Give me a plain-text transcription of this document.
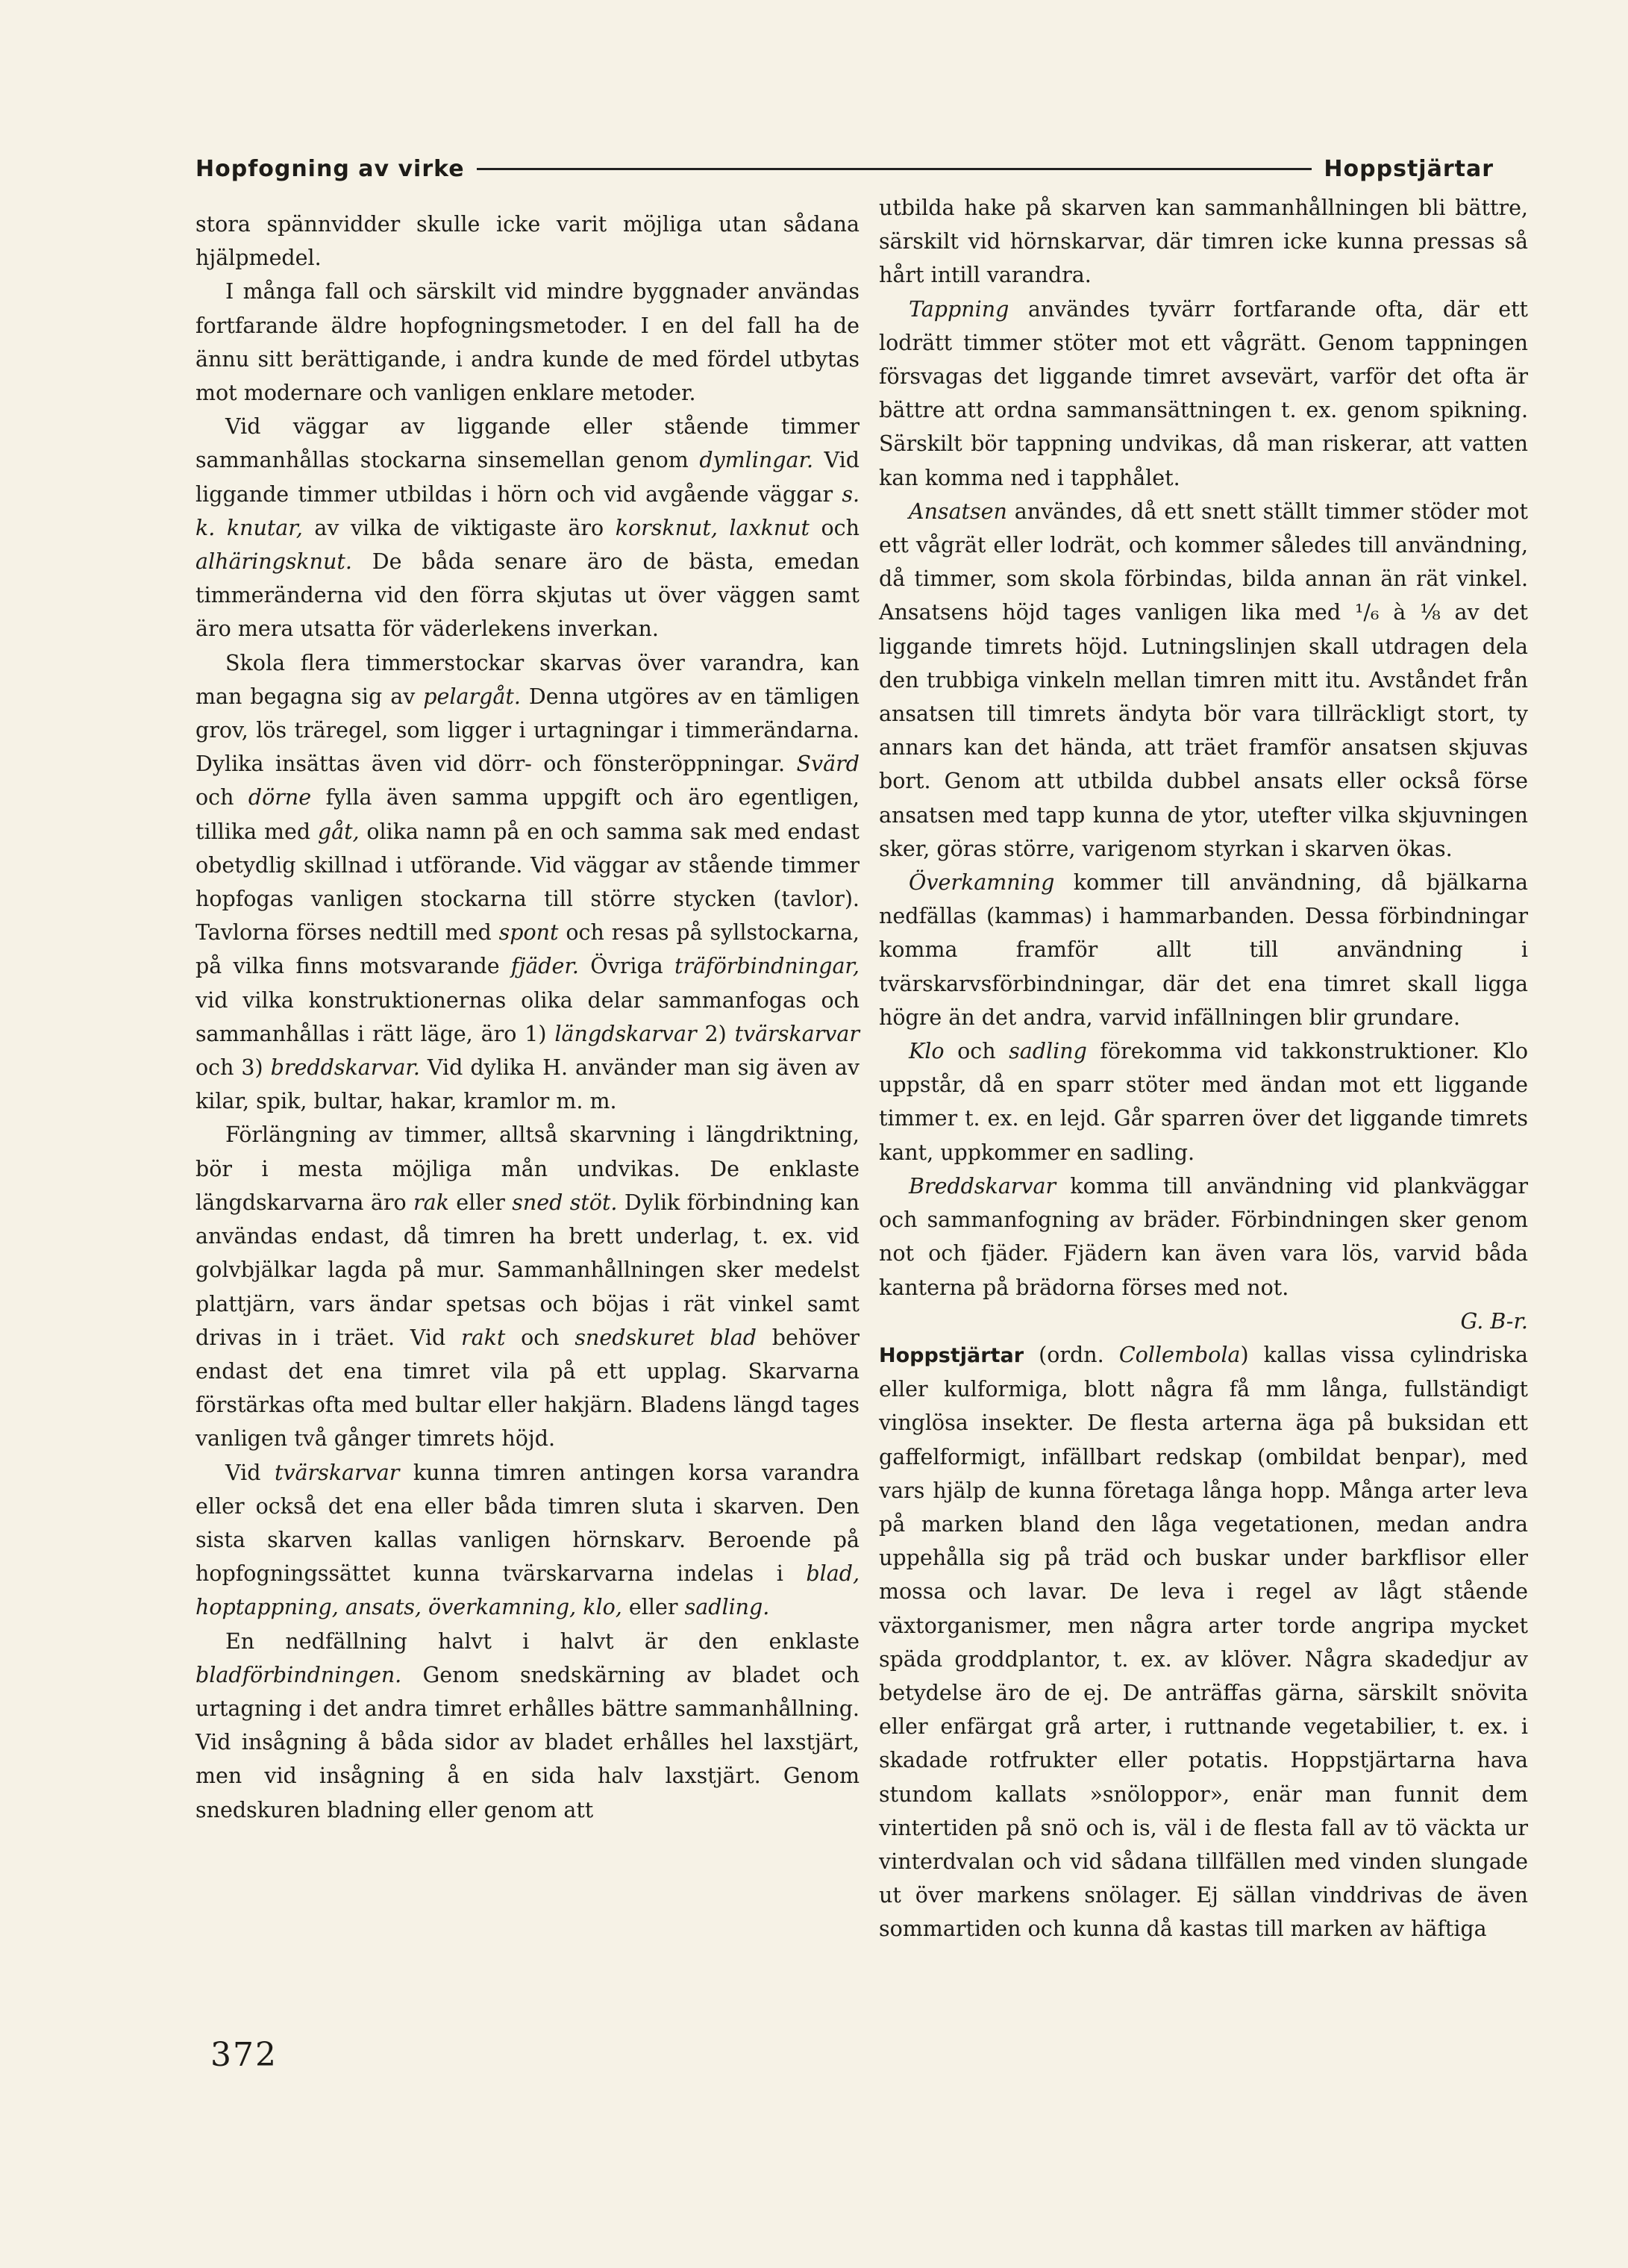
Hopfogning av virke	Hoppstjärtar

stora spännvidder skulle icke varit möjliga utan sådana hjälpmedel.

I många fall och särskilt vid mindre byggnader användas fortfarande äldre hopfogningsmetoder. I en del fall ha de ännu sitt berättigande, i andra kunde de med fördel utbytas mot modernare och vanligen enklare metoder.

Vid väggar av liggande eller stående timmer sammanhållas stockarna sinsemellan genom dymlingar. Vid liggande timmer utbildas i hörn och vid avgående väggar s. k. knutar, av vilka de viktigaste äro korsknut, laxknut och alhäringsknut. De båda senare äro de bästa, emedan timmeränderna vid den förra skjutas ut över väggen samt äro mera utsatta för väderlekens inverkan.

Skola flera timmerstockar skarvas över varandra, kan man begagna sig av pelargåt. Denna utgöres av en tämligen grov, lös träregel, som ligger i urtagningar i timmerändarna. Dylika insättas även vid dörr- och fönsteröppningar. Svärd och dörne fylla även samma uppgift och äro egentligen, tillika med gåt, olika namn på en och samma sak med endast obetydlig skillnad i utförande. Vid väggar av stående timmer hopfogas vanligen stockarna till större stycken (tavlor). Tavlorna förses nedtill med spont och resas på syllstockarna, på vilka finns motsvarande fjäder. Övriga träförbindningar, vid vilka konstruktionernas olika delar sammanfogas och sammanhållas i rätt läge, äro 1) längdskarvar 2) tvärskarvar och 3) breddskarvar. Vid dylika H. använder man sig även av kilar, spik, bultar, hakar, kramlor m. m.

Förlängning av timmer, alltså skarvning i längdriktning, bör i mesta möjliga mån undvikas. De enklaste längdskarvarna äro rak eller sned stöt. Dylik förbindning kan användas endast, då timren ha brett underlag, t. ex. vid golvbjälkar lagda på mur. Sammanhållningen sker medelst plattjärn, vars ändar spetsas och böjas i rät vinkel samt drivas in i träet. Vid rakt och snedskuret blad behöver endast det ena timret vila på ett upplag. Skarvarna förstärkas ofta med bultar eller hakjärn. Bladens längd tages vanligen två gånger timrets höjd.

Vid tvärskarvar kunna timren antingen korsa varandra eller också det ena eller båda timren sluta i skarven. Den sista skarven kallas vanligen hörnskarv. Beroende på hopfogningssättet kunna tvärskarvarna indelas i blad, hoptappning, ansats, överkamning, klo, eller sadling.

En nedfällning halvt i halvt är den enklaste bladförbindningen. Genom snedskärning av bladet och urtagning i det andra timret erhålles bättre sammanhållning. Vid insågning å båda sidor av bladet erhålles hel laxstjärt, men vid insågning å en sida halv laxstjärt. Genom snedskuren bladning eller genom att

utbilda hake på skarven kan sammanhållningen bli bättre, särskilt vid hörnskarvar, där timren icke kunna pressas så hårt intill varandra.

Tappning användes tyvärr fortfarande ofta, där ett lodrätt timmer stöter mot ett vågrätt. Genom tappningen försvagas det liggande timret avsevärt, varför det ofta är bättre att ordna sammansättningen t. ex. genom spikning. Särskilt bör tappning undvikas, då man riskerar, att vatten kan komma ned i tapphålet.

Ansatsen användes, då ett snett ställt timmer stöder mot ett vågrät eller lodrät, och kommer således till användning, då timmer, som skola förbindas, bilda annan än rät vinkel. Ansatsens höjd tages vanligen lika med ¹/₆ à ⅛ av det liggande timrets höjd. Lutningslinjen skall utdragen dela den trubbiga vinkeln mellan timren mitt itu. Avståndet från ansatsen till timrets ändyta bör vara tillräckligt stort, ty annars kan det hända, att träet framför ansatsen skjuvas bort. Genom att utbilda dubbel ansats eller också förse ansatsen med tapp kunna de ytor, utefter vilka skjuvningen sker, göras större, varigenom styrkan i skarven ökas.

Överkamning kommer till användning, då bjälkarna nedfällas (kammas) i hammarbanden. Dessa förbindningar komma framför allt till användning i tvärskarvsförbindningar, där det ena timret skall ligga högre än det andra, varvid infällningen blir grundare.

Klo och sadling förekomma vid takkonstruktioner. Klo uppstår, då en sparr stöter med ändan mot ett liggande timmer t. ex. en lejd. Går sparren över det liggande timrets kant, uppkommer en sadling.

Breddskarvar komma till användning vid plankväggar och sammanfogning av bräder. Förbindningen sker genom not och fjäder. Fjädern kan även vara lös, varvid båda kanterna på brädorna förses med not.

G. B-r.

Hoppstjärtar (ordn. Collembola) kallas vissa cylindriska eller kulformiga, blott några få mm långa, fullständigt vinglösa insekter. De flesta arterna äga på buksidan ett gaffelformigt, infällbart redskap (ombildat benpar), med vars hjälp de kunna företaga långa hopp. Många arter leva på marken bland den låga vegetationen, medan andra uppehålla sig på träd och buskar under barkflisor eller mossa och lavar. De leva i regel av lågt stående växtorganismer, men några arter torde angripa mycket späda groddplantor, t. ex. av klöver. Några skadedjur av betydelse äro de ej. De anträffas gärna, särskilt snövita eller enfärgat grå arter, i ruttnande vegetabilier, t. ex. i skadade rotfrukter eller potatis. Hoppstjärtarna hava stundom kallats »snöloppor», enär man funnit dem vintertiden på snö och is, väl i de flesta fall av tö väckta ur vinterdvalan och vid sådana tillfällen med vinden slungade ut över markens snölager. Ej sällan vinddrivas de även sommartiden och kunna då kastas till marken av häftiga

372
